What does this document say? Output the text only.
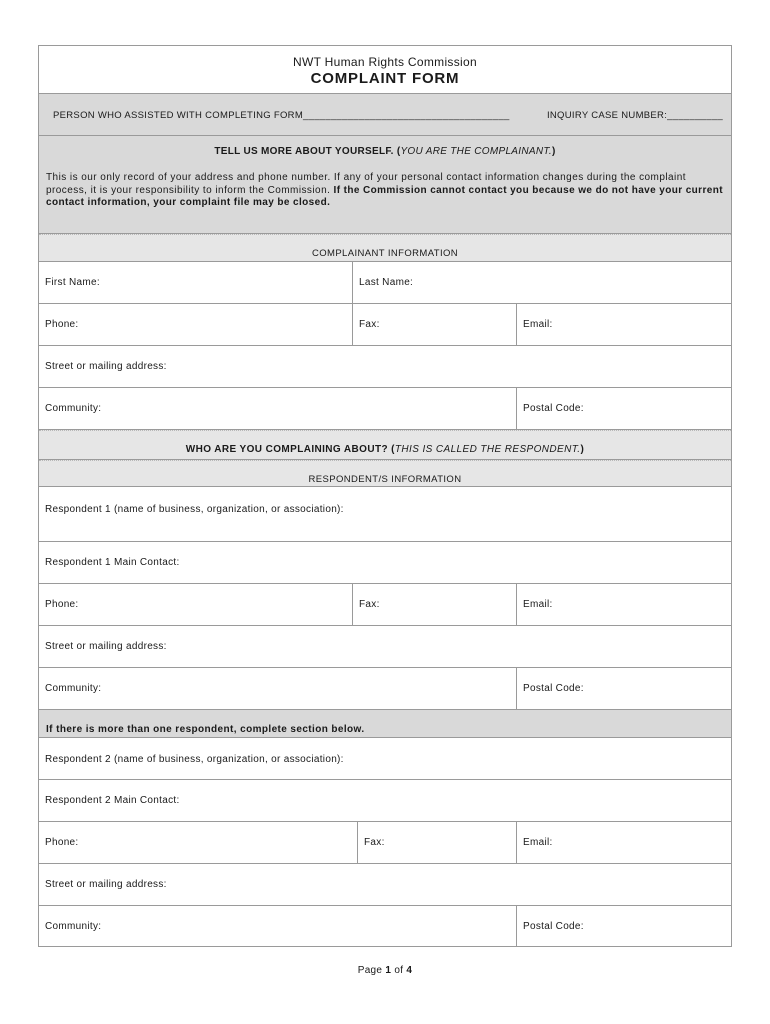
NWT Human Rights Commission
COMPLAINT FORM
PERSON WHO ASSISTED WITH COMPLETING FORM_____________________________________	INQUIRY CASE NUMBER:__________
TELL US MORE ABOUT YOURSELF. (YOU ARE THE COMPLAINANT.)
This is our only record of your address and phone number. If any of your personal contact information changes during the complaint process, it is your responsibility to inform the Commission. If the Commission cannot contact you because we do not have your current contact information, your complaint file may be closed.
COMPLAINANT INFORMATION
First Name:	Last Name:
Phone:	Fax:	Email:
Street or mailing address:
Community:	Postal Code:
WHO ARE YOU COMPLAINING ABOUT? (THIS IS CALLED THE RESPONDENT.)
RESPONDENT/S INFORMATION
Respondent 1 (name of business, organization, or association):
Respondent 1 Main Contact:
Phone:	Fax:	Email:
Street or mailing address:
Community:	Postal Code:
If there is more than one respondent, complete section below.
Respondent 2 (name of business, organization, or association):
Respondent 2 Main Contact:
Phone:	Fax:	Email:
Street or mailing address:
Community:	Postal Code:
Page 1 of 4
